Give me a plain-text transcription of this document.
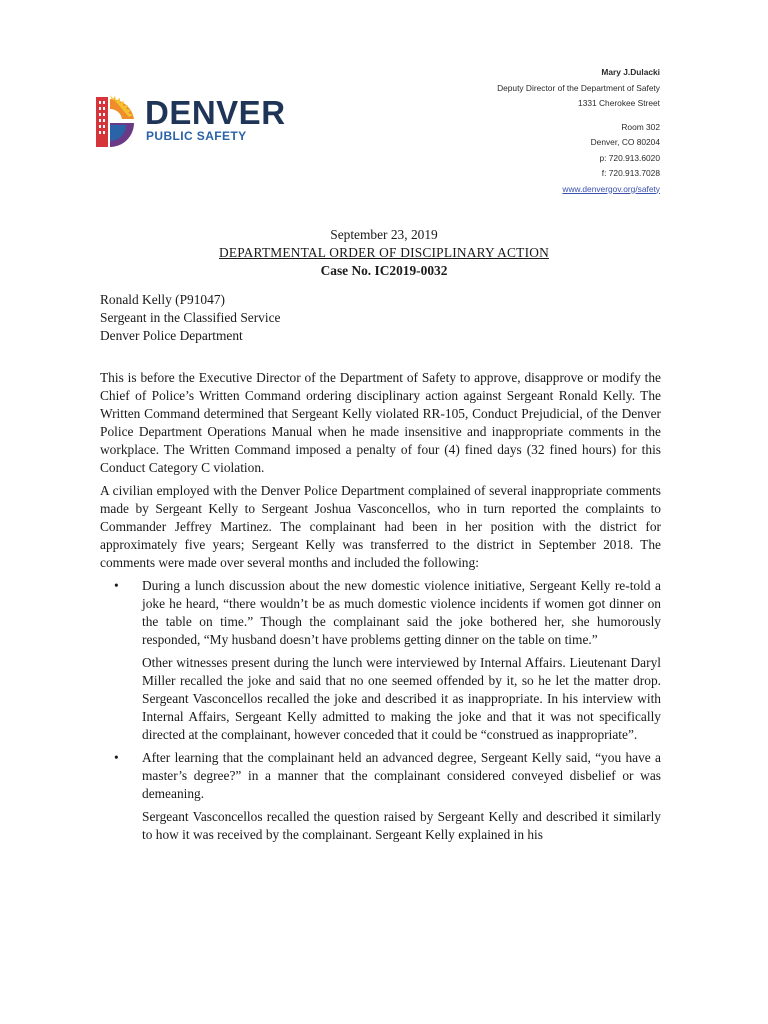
DENVER
PUBLIC SAFETY
Mary J.Dulacki
Deputy Director of the Department of Safety
1331 Cherokee Street
Room 302
Denver, CO 80204
p: 720.913.6020
f: 720.913.7028
www.denvergov.org/safety
September 23, 2019
DEPARTMENTAL ORDER OF DISCIPLINARY ACTION
Case No. IC2019-0032
Ronald Kelly (P91047)
Sergeant in the Classified Service
Denver Police Department

This is before the Executive Director of the Department of Safety to approve, disapprove or modify the Chief of Police’s Written Command ordering disciplinary action against Sergeant Ronald Kelly. The Written Command determined that Sergeant Kelly violated RR-105, Conduct Prejudicial, of the Denver Police Department Operations Manual when he made insensitive and inappropriate comments in the workplace. The Written Command imposed a penalty of four (4) fined days (32 fined hours) for this Conduct Category C violation.

A civilian employed with the Denver Police Department complained of several inappropriate comments made by Sergeant Kelly to Sergeant Joshua Vasconcellos, who in turn reported the complaints to Commander Jeffrey Martinez. The complainant had been in her position with the district for approximately five years; Sergeant Kelly was transferred to the district in September 2018. The comments were made over several months and included the following:

• During a lunch discussion about the new domestic violence initiative, Sergeant Kelly re-told a joke he heard, “there wouldn’t be as much domestic violence incidents if women got dinner on the table on time.” Though the complainant said the joke bothered her, she humorously responded, “My husband doesn’t have problems getting dinner on the table on time.”

Other witnesses present during the lunch were interviewed by Internal Affairs. Lieutenant Daryl Miller recalled the joke and said that no one seemed offended by it, so he let the matter drop. Sergeant Vasconcellos recalled the joke and described it as inappropriate. In his interview with Internal Affairs, Sergeant Kelly admitted to making the joke and that it was not specifically directed at the complainant, however conceded that it could be “construed as inappropriate”.

• After learning that the complainant held an advanced degree, Sergeant Kelly said, “you have a master’s degree?” in a manner that the complainant considered conveyed disbelief or was demeaning.

Sergeant Vasconcellos recalled the question raised by Sergeant Kelly and described it similarly to how it was received by the complainant. Sergeant Kelly explained in his
